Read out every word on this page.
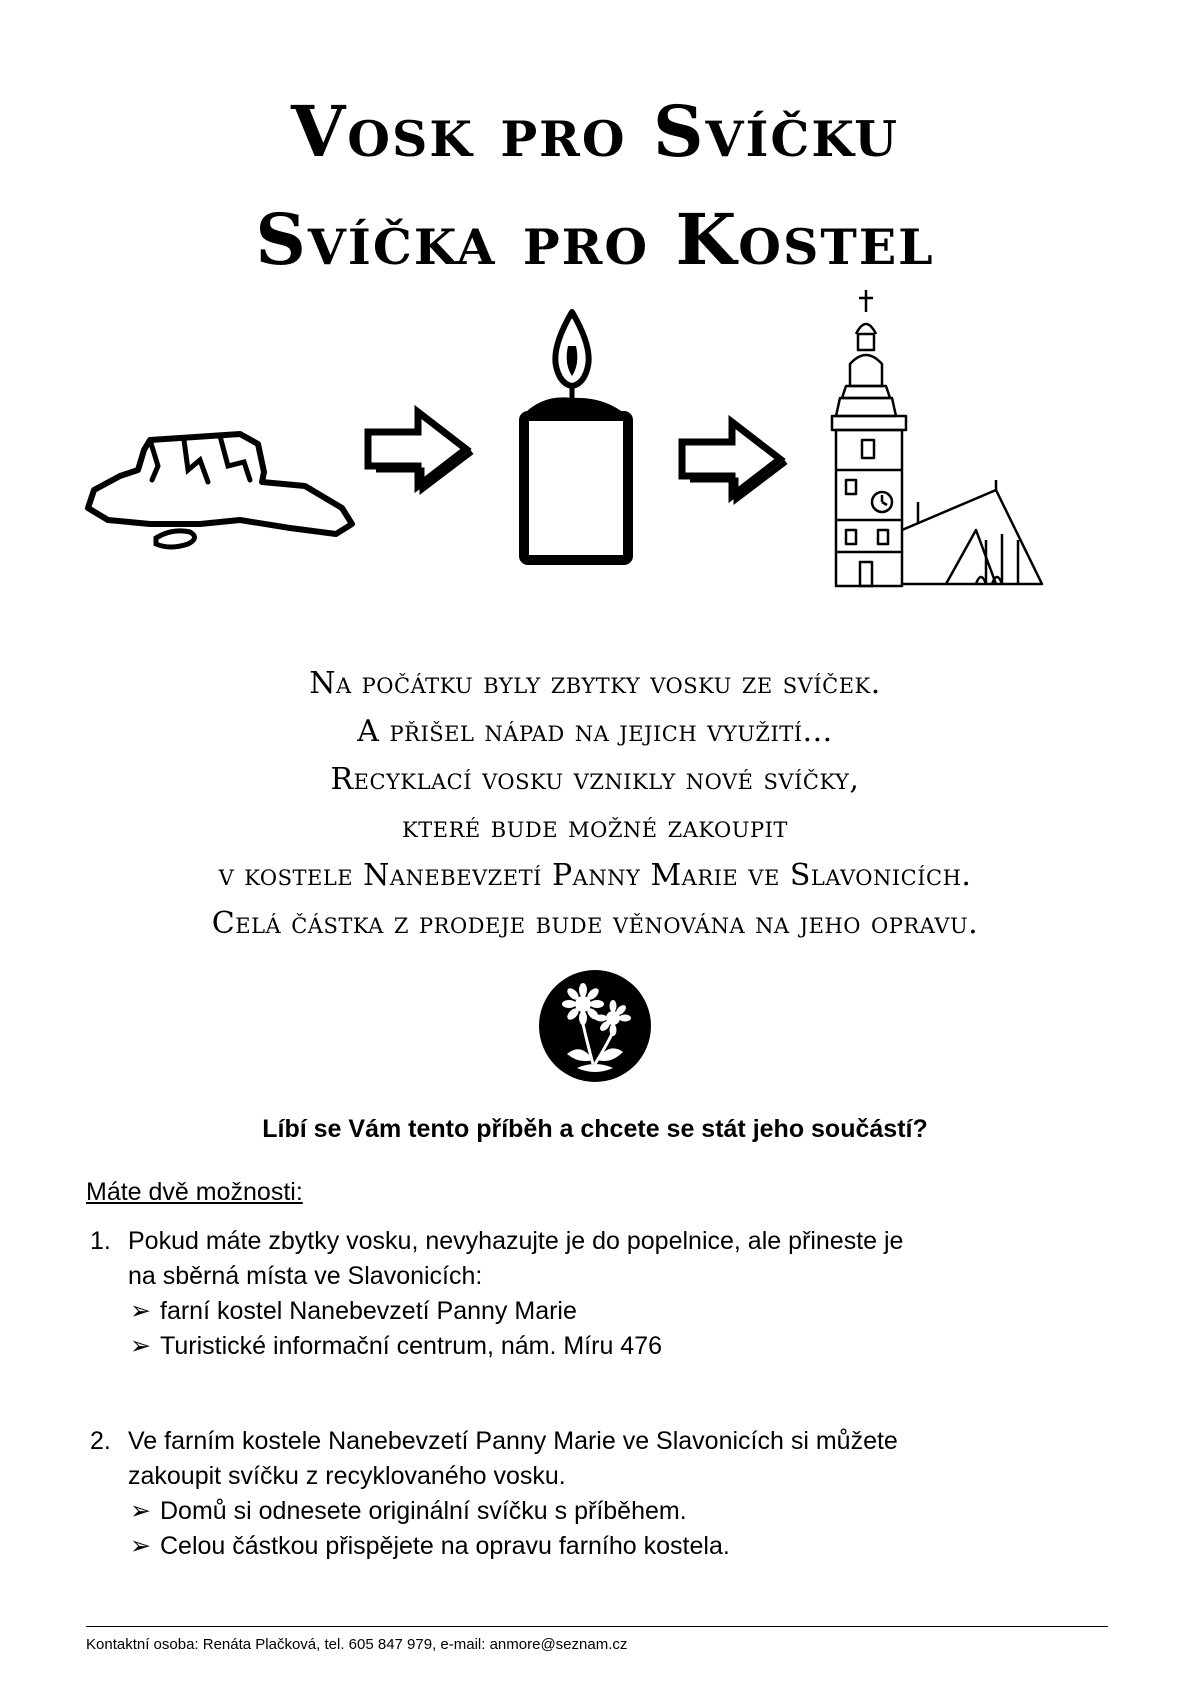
Vosk pro Svíčku
Svíčka pro Kostel
Na počátku byly zbytky vosku ze svíček.
A přišel nápad na jejich využití...
Recyklací vosku vznikly nové svíčky,
které bude možné zakoupit
v kostele Nanebevzetí Panny Marie ve Slavonicích.
Celá částka z prodeje bude věnována na jeho opravu.
Líbí se Vám tento příběh a chcete se stát jeho součástí?
Máte dvě možnosti:
1. Pokud máte zbytky vosku, nevyhazujte je do popelnice, ale přineste je
na sběrná místa ve Slavonicích:
➢ farní kostel Nanebevzetí Panny Marie
➢ Turistické informační centrum, nám. Míru 476
2. Ve farním kostele Nanebevzetí Panny Marie ve Slavonicích si můžete
zakoupit svíčku z recyklovaného vosku.
➢ Domů si odnesete originální svíčku s příběhem.
➢ Celou částkou přispějete na opravu farního kostela.
Kontaktní osoba: Renáta Plačková, tel. 605 847 979, e-mail: anmore@seznam.cz
